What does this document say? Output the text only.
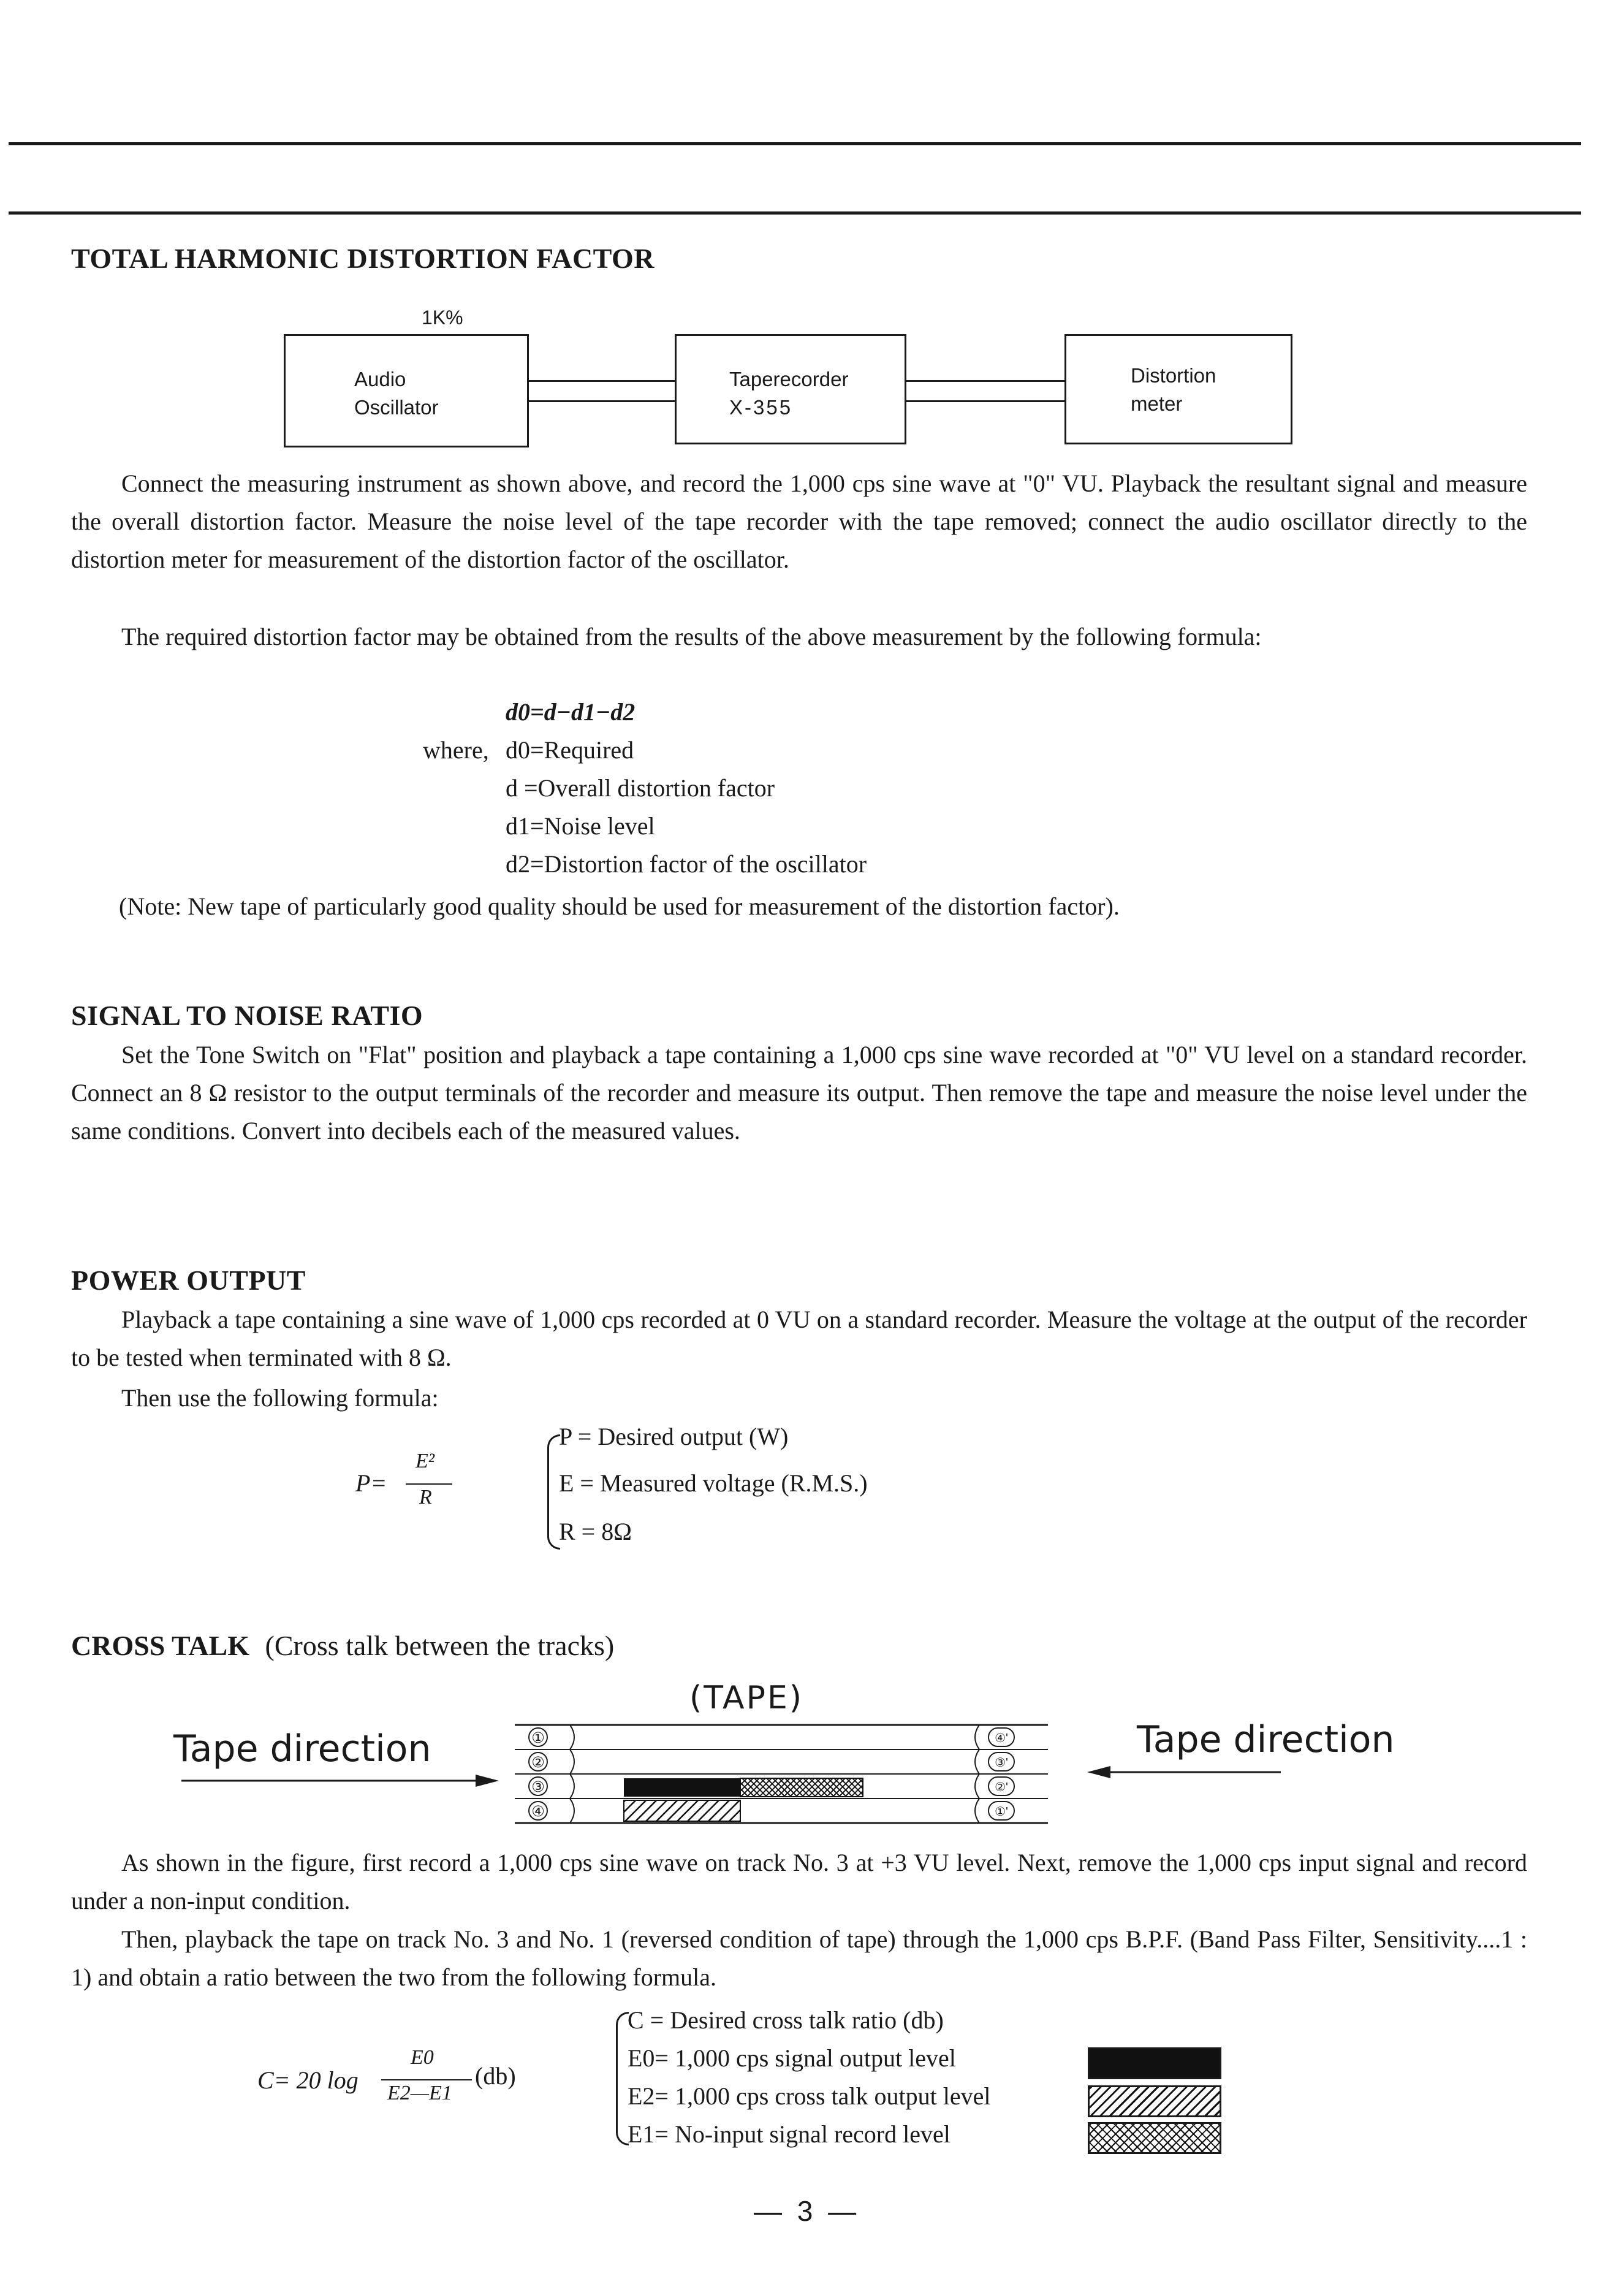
TOTAL HARMONIC DISTORTION FACTOR
1K%
Audio
Oscillator
Taperecorder
X-355
Distortion
meter

Connect the measuring instrument as shown above, and record the 1,000 cps sine wave at "0" VU. Playback the resultant signal and measure the overall distortion factor. Measure the noise level of the tape recorder with the tape removed; connect the audio oscillator directly to the distortion meter for measurement of the distortion factor of the oscillator.

The required distortion factor may be obtained from the results of the above measurement by the following formula:

d0=d−d1−d2
where, d0=Required
d =Overall distortion factor
d1=Noise level
d2=Distortion factor of the oscillator

(Note: New tape of particularly good quality should be used for measurement of the distortion factor).

SIGNAL TO NOISE RATIO

Set the Tone Switch on "Flat" position and playback a tape containing a 1,000 cps sine wave recorded at "0" VU level on a standard recorder. Connect an 8 Ω resistor to the output terminals of the recorder and measure its output. Then remove the tape and measure the noise level under the same conditions. Convert into decibels each of the measured values.

POWER OUTPUT

Playback a tape containing a sine wave of 1,000 cps recorded at 0 VU on a standard recorder. Measure the voltage at the output of the recorder to be tested when terminated with 8 Ω.

Then use the following formula:

P=
E²
R
P = Desired output (W)
E = Measured voltage (R.M.S.)
R = 8Ω
CROSS TALK (Cross talk between the tracks)
(TAPE)
Tape direction	Tape direction
①
②
③
④
④'
③'
②'
①'

As shown in the figure, first record a 1,000 cps sine wave on track No. 3 at +3 VU level. Next, remove the 1,000 cps input signal and record under a non-input condition.

Then, playback the tape on track No. 3 and No. 1 (reversed condition of tape) through the 1,000 cps B.P.F. (Band Pass Filter, Sensitivity....1 : 1) and obtain a ratio between the two from the following formula.

C= 20 log
E0
E2—E1
(db)
C = Desired cross talk ratio (db)
E0= 1,000 cps signal output level
E2= 1,000 cps cross talk output level
E1= No-input signal record level
— 3 —
